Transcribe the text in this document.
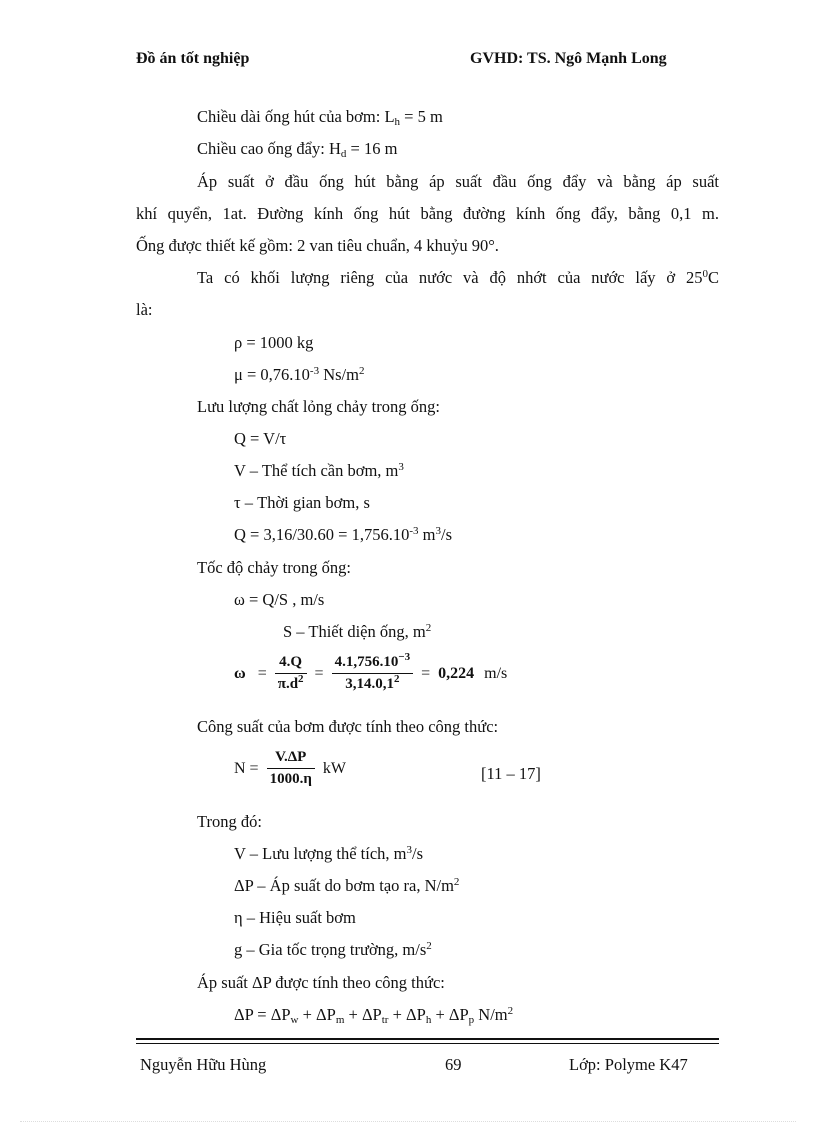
Đồ án tốt nghiệp	GVHD: TS. Ngô Mạnh Long
Chiều dài ống hút của bơm: $L_h = 5$ m
Chiều cao ống đẩy: $H_d = 16$ m
Áp suất ở đầu ống hút bằng áp suất đầu ống đẩy và bằng áp suất
khí quyển, 1at. Đường kính ống hút bằng đường kính ống đẩy, bằng 0,1 m.
Ống được thiết kế gồm: 2 van tiêu chuẩn, 4 khuỷu 90°.
Ta có khối lượng riêng của nước và độ nhớt của nước lấy ở $25^0C$
là:
ρ = 1000 kg
$\mu = 0,76.10^{-3}$ $Ns/m^2$
Lưu lượng chất lỏng chảy trong ống:
Q = V/τ
V – Thể tích cần bơm, $m^3$
τ – Thời gian bơm, s
$Q = 3,16/30.60 = 1,756.10^{-3}$ $m^3/s$
Tốc độ chảy trong ống:
ω = Q/S , m/s
S – Thiết diện ống, $m^2$
$\omega = \frac{4.Q}{\pi.d^2} = \frac{4.1,756.10^{-3}}{3,14.0,1^2} = 0,224$ m/s
Công suất của bơm được tính theo công thức:
$N = \frac{V.\Delta P}{1000.\eta}$ kW	[11 – 17]
Trong đó:
V – Lưu lượng thể tích, $m^3/s$
ΔP – Áp suất do bơm tạo ra, $N/m^2$
η – Hiệu suất bơm
g – Gia tốc trọng trường, $m/s^2$
Áp suất ΔP được tính theo công thức:
$\Delta P = \Delta P_w + \Delta P_m + \Delta P_{tr} + \Delta P_h + \Delta P_p$ $N/m^2$
Nguyễn Hữu Hùng	69	Lớp: Polyme K47
